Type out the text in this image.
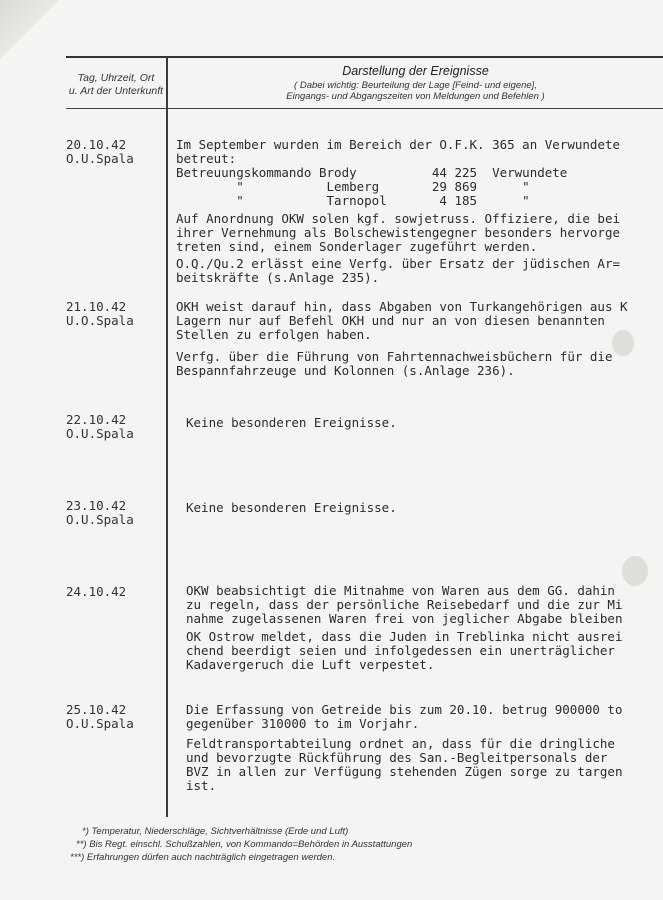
Tag, Uhrzeit, Ort
u. Art der Unterkunft
Darstellung der Ereignisse
( Dabei wichtig: Beurteilung der Lage [Feind- und eigene],
Eingangs- und Abgangszeiten von Meldungen und Befehlen )
20.10.42
O.U.Spala
Im September wurden im Bereich der O.F.K. 365 an Verwundete
betreut:
Betreuungskommando Brody          44 225  Verwundete
"           Lemberg       29 869      "
"           Tarnopol       4 185      "
Auf Anordnung OKW solen kgf. sowjetruss. Offiziere, die bei
ihrer Vernehmung als Bolschewistengegner besonders hervorge
treten sind, einem Sonderlager zugeführt werden.
O.Q./Qu.2 erlässt eine Verfg. über Ersatz der jüdischen Ar=
beitskräfte (s.Anlage 235).
21.10.42
U.O.Spala
OKH weist darauf hin, dass Abgaben von Turkangehörigen aus K
Lagern nur auf Befehl OKH und nur an von diesen benannten
Stellen zu erfolgen haben.
Verfg. über die Führung von Fahrtennachweisbüchern für die
Bespannfahrzeuge und Kolonnen (s.Anlage 236).
22.10.42
O.U.Spala
Keine besonderen Ereignisse.
23.10.42
O.U.Spala
Keine besonderen Ereignisse.
24.10.42	OKW beabsichtigt die Mitnahme von Waren aus dem GG. dahin
zu regeln, dass der persönliche Reisebedarf und die zur Mi
nahme zugelassenen Waren frei von jeglicher Abgabe bleiben
OK Ostrow meldet, dass die Juden in Treblinka nicht ausrei
chend beerdigt seien und infolgedessen ein unerträglicher
Kadavergeruch die Luft verpestet.
25.10.42
O.U.Spala
Die Erfassung von Getreide bis zum 20.10. betrug 900000 to
gegenüber 310000 to im Vorjahr.
Feldtransportabteilung ordnet an, dass für die dringliche
und bevorzugte Rückführung des San.-Begleitpersonals der
BVZ in allen zur Verfügung stehenden Zügen sorge zu targen
ist.
*) Temperatur, Niederschläge, Sichtverhältnisse (Erde und Luft)
**) Bis Regt. einschl. Schußzahlen, von Kommando=Behörden in Ausstattungen
***) Erfahrungen dürfen auch nachträglich eingetragen werden.
